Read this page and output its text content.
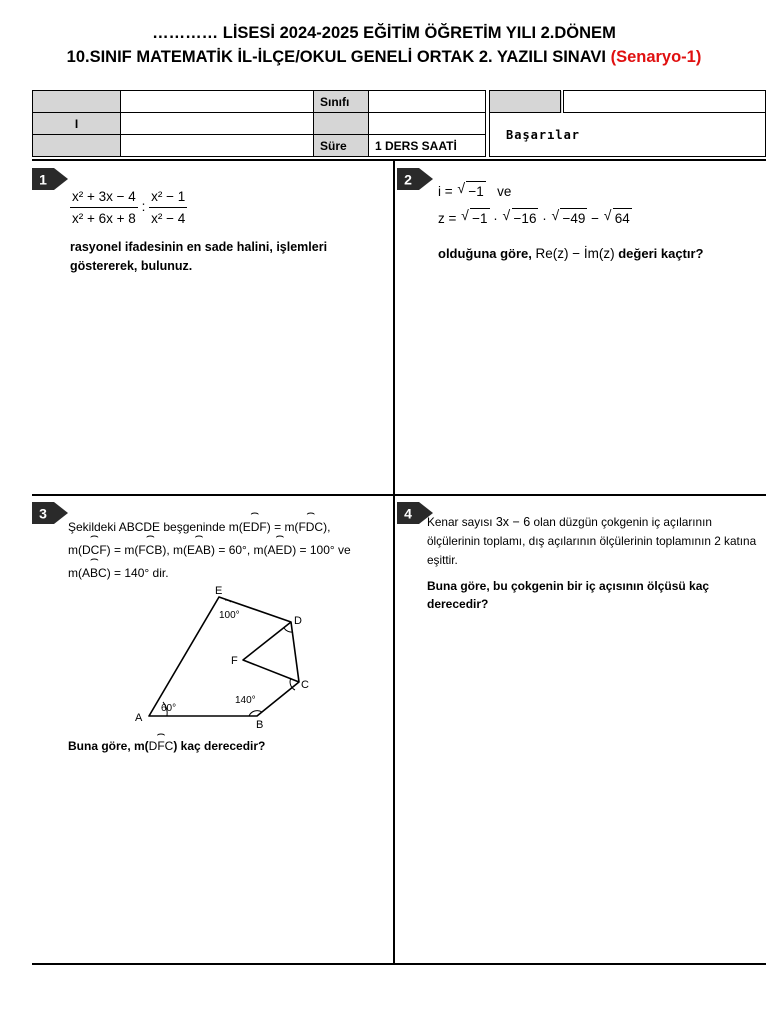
………… LİSESİ 2024-2025 EĞİTİM ÖĞRETİM YILI 2.DÖNEM
10.SINIF MATEMATİK İL-İLÇE/OKUL GENELİ ORTAK 2. YAZILI SINAVI (Senaryo-1)
		Sınıfı				
I					Başarılar	
		Süre	1 DERS SAATİ			
1
$\frac{\text{x² + 3x − 4}}{\text{x² + 6x + 8}}$ : $\frac{\text{x² − 1}}{\text{x² − 4}}$
rasyonel ifadesinin en sade halini, işlemleri göstererek, bulunuz.
2
i = √ −1 ve
z = √ −1 · √ −16 · √ −49 − √ 64
olduğuna göre, Re(z) − İm(z) değeri kaçtır?
3
Şekildeki ABCDE beşgeninde m(⌢ EDF) = m(⌢ FDC),
m(⌢ DCF) = m(⌢ FCB), m(⌢ EAB) = 60°, m(⌢ AED) = 100° ve
m(⌢ ABC) = 140° dir.
A
B
C
D
E
F
60°
140°
100°
Buna göre, m(⌢ DFC) kaç derecedir?
4
Kenar sayısı 3x − 6 olan düzgün çokgenin iç açılarının ölçülerinin toplamı, dış açılarının ölçülerinin toplamının 2 katına eşittir.
Buna göre, bu çokgenin bir iç açısının ölçüsü kaç derecedir?
